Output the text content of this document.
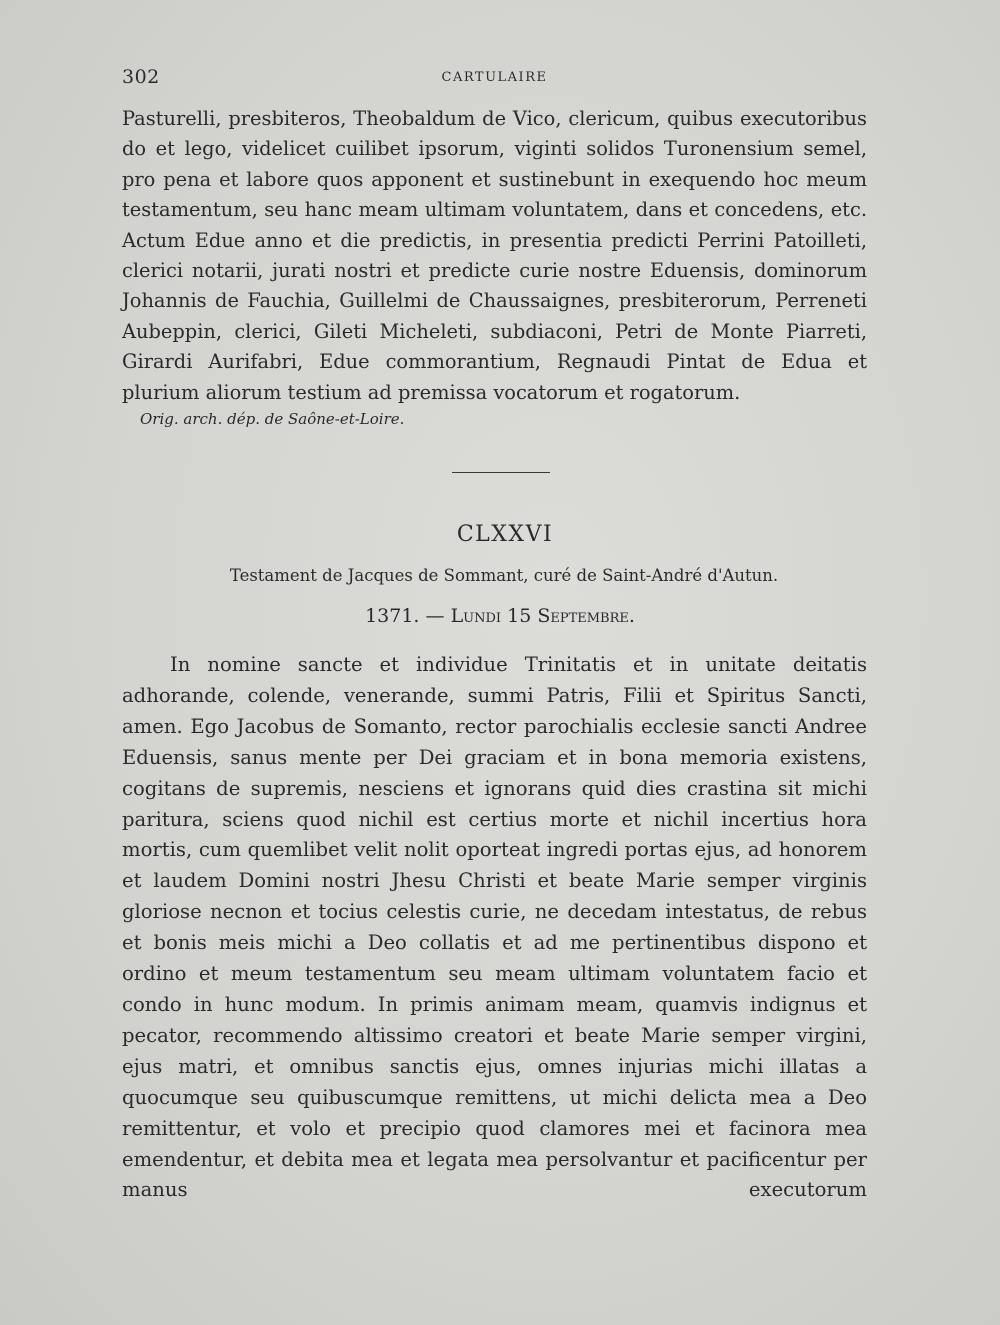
302	CARTULAIRE

Pasturelli, presbiteros, Theobaldum de Vico, clericum, quibus executoribus do et lego, videlicet cuilibet ipsorum, viginti solidos Turonensium semel, pro pena et labore quos apponent et sustinebunt in exequendo hoc meum testamentum, seu hanc meam ultimam voluntatem, dans et concedens, etc. Actum Edue anno et die predictis, in presentia predicti Perrini Patoilleti, clerici notarii, jurati nostri et predicte curie nostre Eduensis, dominorum Johannis de Fauchia, Guillelmi de Chaussaignes, presbiterorum, Perreneti Aubeppin, clerici, Gileti Micheleti, subdiaconi, Petri de Monte Piarreti, Girardi Aurifabri, Edue commorantium, Regnaudi Pintat de Edua et plurium aliorum testium ad premissa vocatorum et rogatorum.

Orig. arch. dép. de Saône-et-Loire.
CLXXVI
Testament de Jacques de Sommant, curé de Saint-André d'Autun.
1371. — Lundi 15 Septembre.

In nomine sancte et individue Trinitatis et in unitate deitatis adhorande, colende, venerande, summi Patris, Filii et Spiritus Sancti, amen. Ego Jacobus de Somanto, rector parochialis ecclesie sancti Andree Eduensis, sanus mente per Dei graciam et in bona memoria existens, cogitans de supremis, nesciens et ignorans quid dies crastina sit michi paritura, sciens quod nichil est certius morte et nichil incertius hora mortis, cum quemlibet velit nolit oporteat ingredi portas ejus, ad honorem et laudem Domini nostri Jhesu Christi et beate Marie semper virginis gloriose necnon et tocius celestis curie, ne decedam intestatus, de rebus et bonis meis michi a Deo collatis et ad me pertinentibus dispono et ordino et meum testamentum seu meam ultimam voluntatem facio et condo in hunc modum. In primis animam meam, quamvis indignus et pecator, recommendo altissimo creatori et beate Marie semper virgini, ejus matri, et omnibus sanctis ejus, omnes injurias michi illatas a quocumque seu quibuscumque remittens, ut michi delicta mea a Deo remittentur, et volo et precipio quod clamores mei et facinora mea emendentur, et debita mea et legata mea persolvantur et pacificentur per manus executorum
